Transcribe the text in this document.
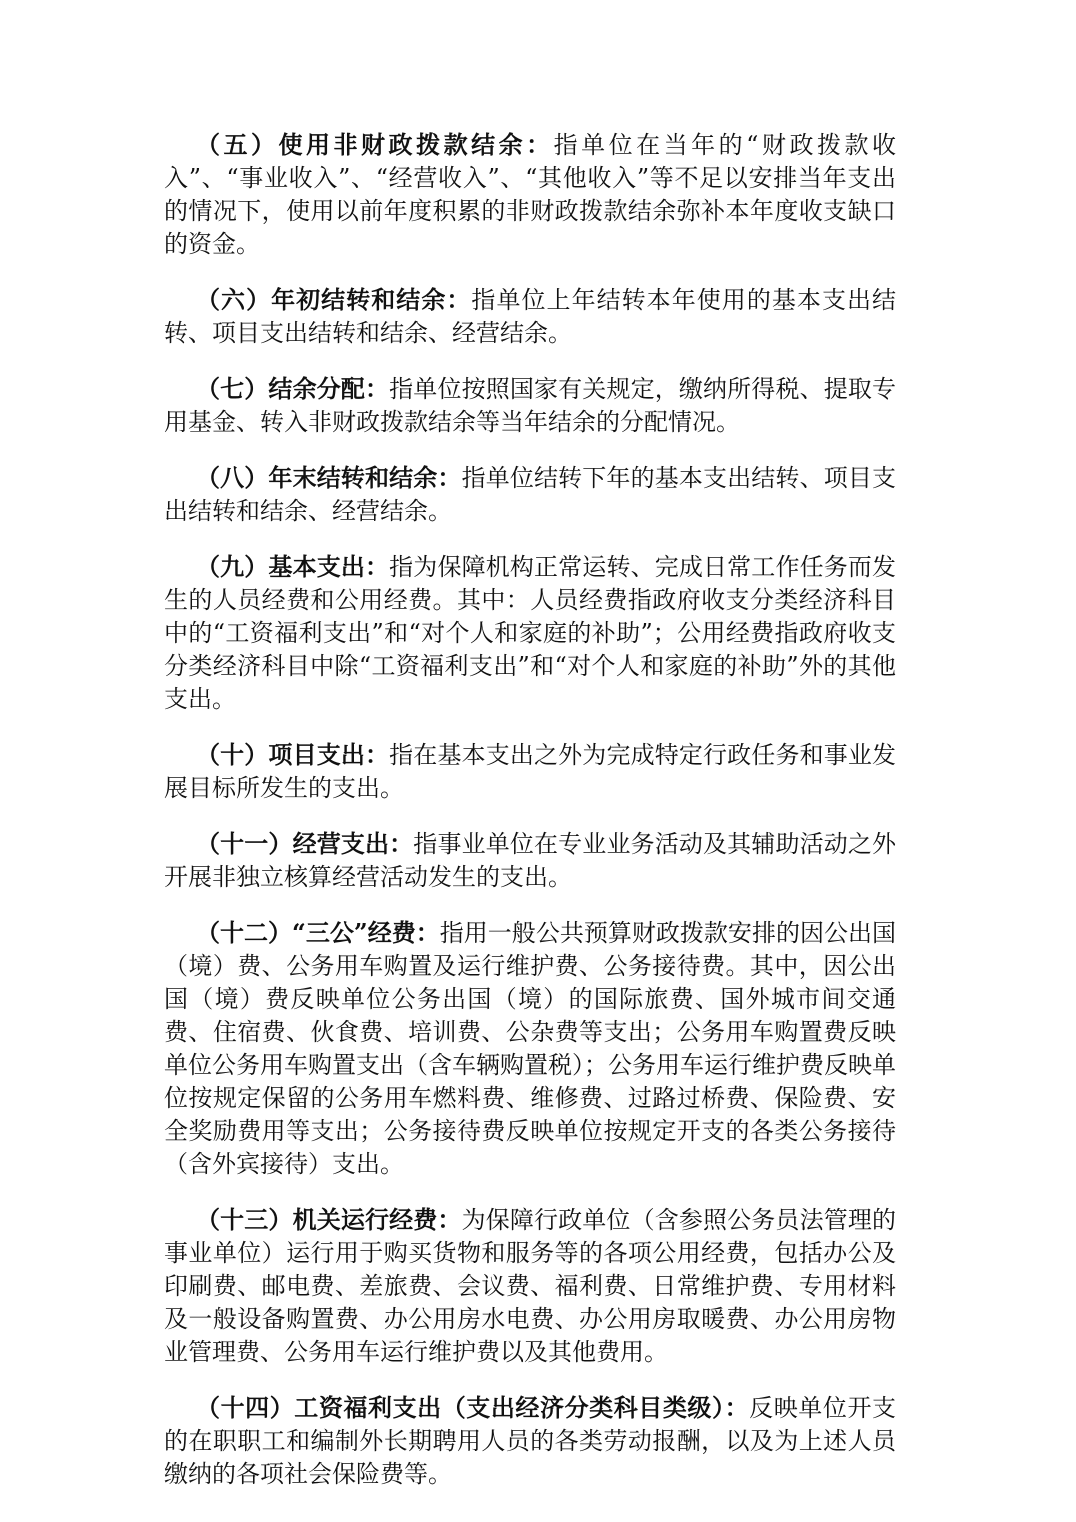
（五）使用非财政拨款结余：指单位在当年的“财政拨款收入”、“事业收入”、“经营收入”、“其他收入”等不足以安排当年支出的情况下，使用以前年度积累的非财政拨款结余弥补本年度收支缺口的资金。

（六）年初结转和结余：指单位上年结转本年使用的基本支出结转、项目支出结转和结余、经营结余。

（七）结余分配：指单位按照国家有关规定，缴纳所得税、提取专用基金、转入非财政拨款结余等当年结余的分配情况。

（八）年末结转和结余：指单位结转下年的基本支出结转、项目支出结转和结余、经营结余。

（九）基本支出：指为保障机构正常运转、完成日常工作任务而发生的人员经费和公用经费。其中：人员经费指政府收支分类经济科目中的“工资福利支出”和“对个人和家庭的补助”；公用经费指政府收支分类经济科目中除“工资福利支出”和“对个人和家庭的补助”外的其他支出。

（十）项目支出：指在基本支出之外为完成特定行政任务和事业发展目标所发生的支出。

（十一）经营支出：指事业单位在专业业务活动及其辅助活动之外开展非独立核算经营活动发生的支出。

（十二）“三公”经费：指用一般公共预算财政拨款安排的因公出国（境）费、公务用车购置及运行维护费、公务接待费。其中，因公出国（境）费反映单位公务出国（境）的国际旅费、国外城市间交通费、住宿费、伙食费、培训费、公杂费等支出；公务用车购置费反映单位公务用车购置支出（含车辆购置税）；公务用车运行维护费反映单位按规定保留的公务用车燃料费、维修费、过路过桥费、保险费、安全奖励费用等支出；公务接待费反映单位按规定开支的各类公务接待（含外宾接待）支出。

（十三）机关运行经费：为保障行政单位（含参照公务员法管理的事业单位）运行用于购买货物和服务等的各项公用经费，包括办公及印刷费、邮电费、差旅费、会议费、福利费、日常维护费、专用材料及一般设备购置费、办公用房水电费、办公用房取暖费、办公用房物业管理费、公务用车运行维护费以及其他费用。

（十四）工资福利支出（支出经济分类科目类级）：反映单位开支的在职职工和编制外长期聘用人员的各类劳动报酬，以及为上述人员缴纳的各项社会保险费等。
